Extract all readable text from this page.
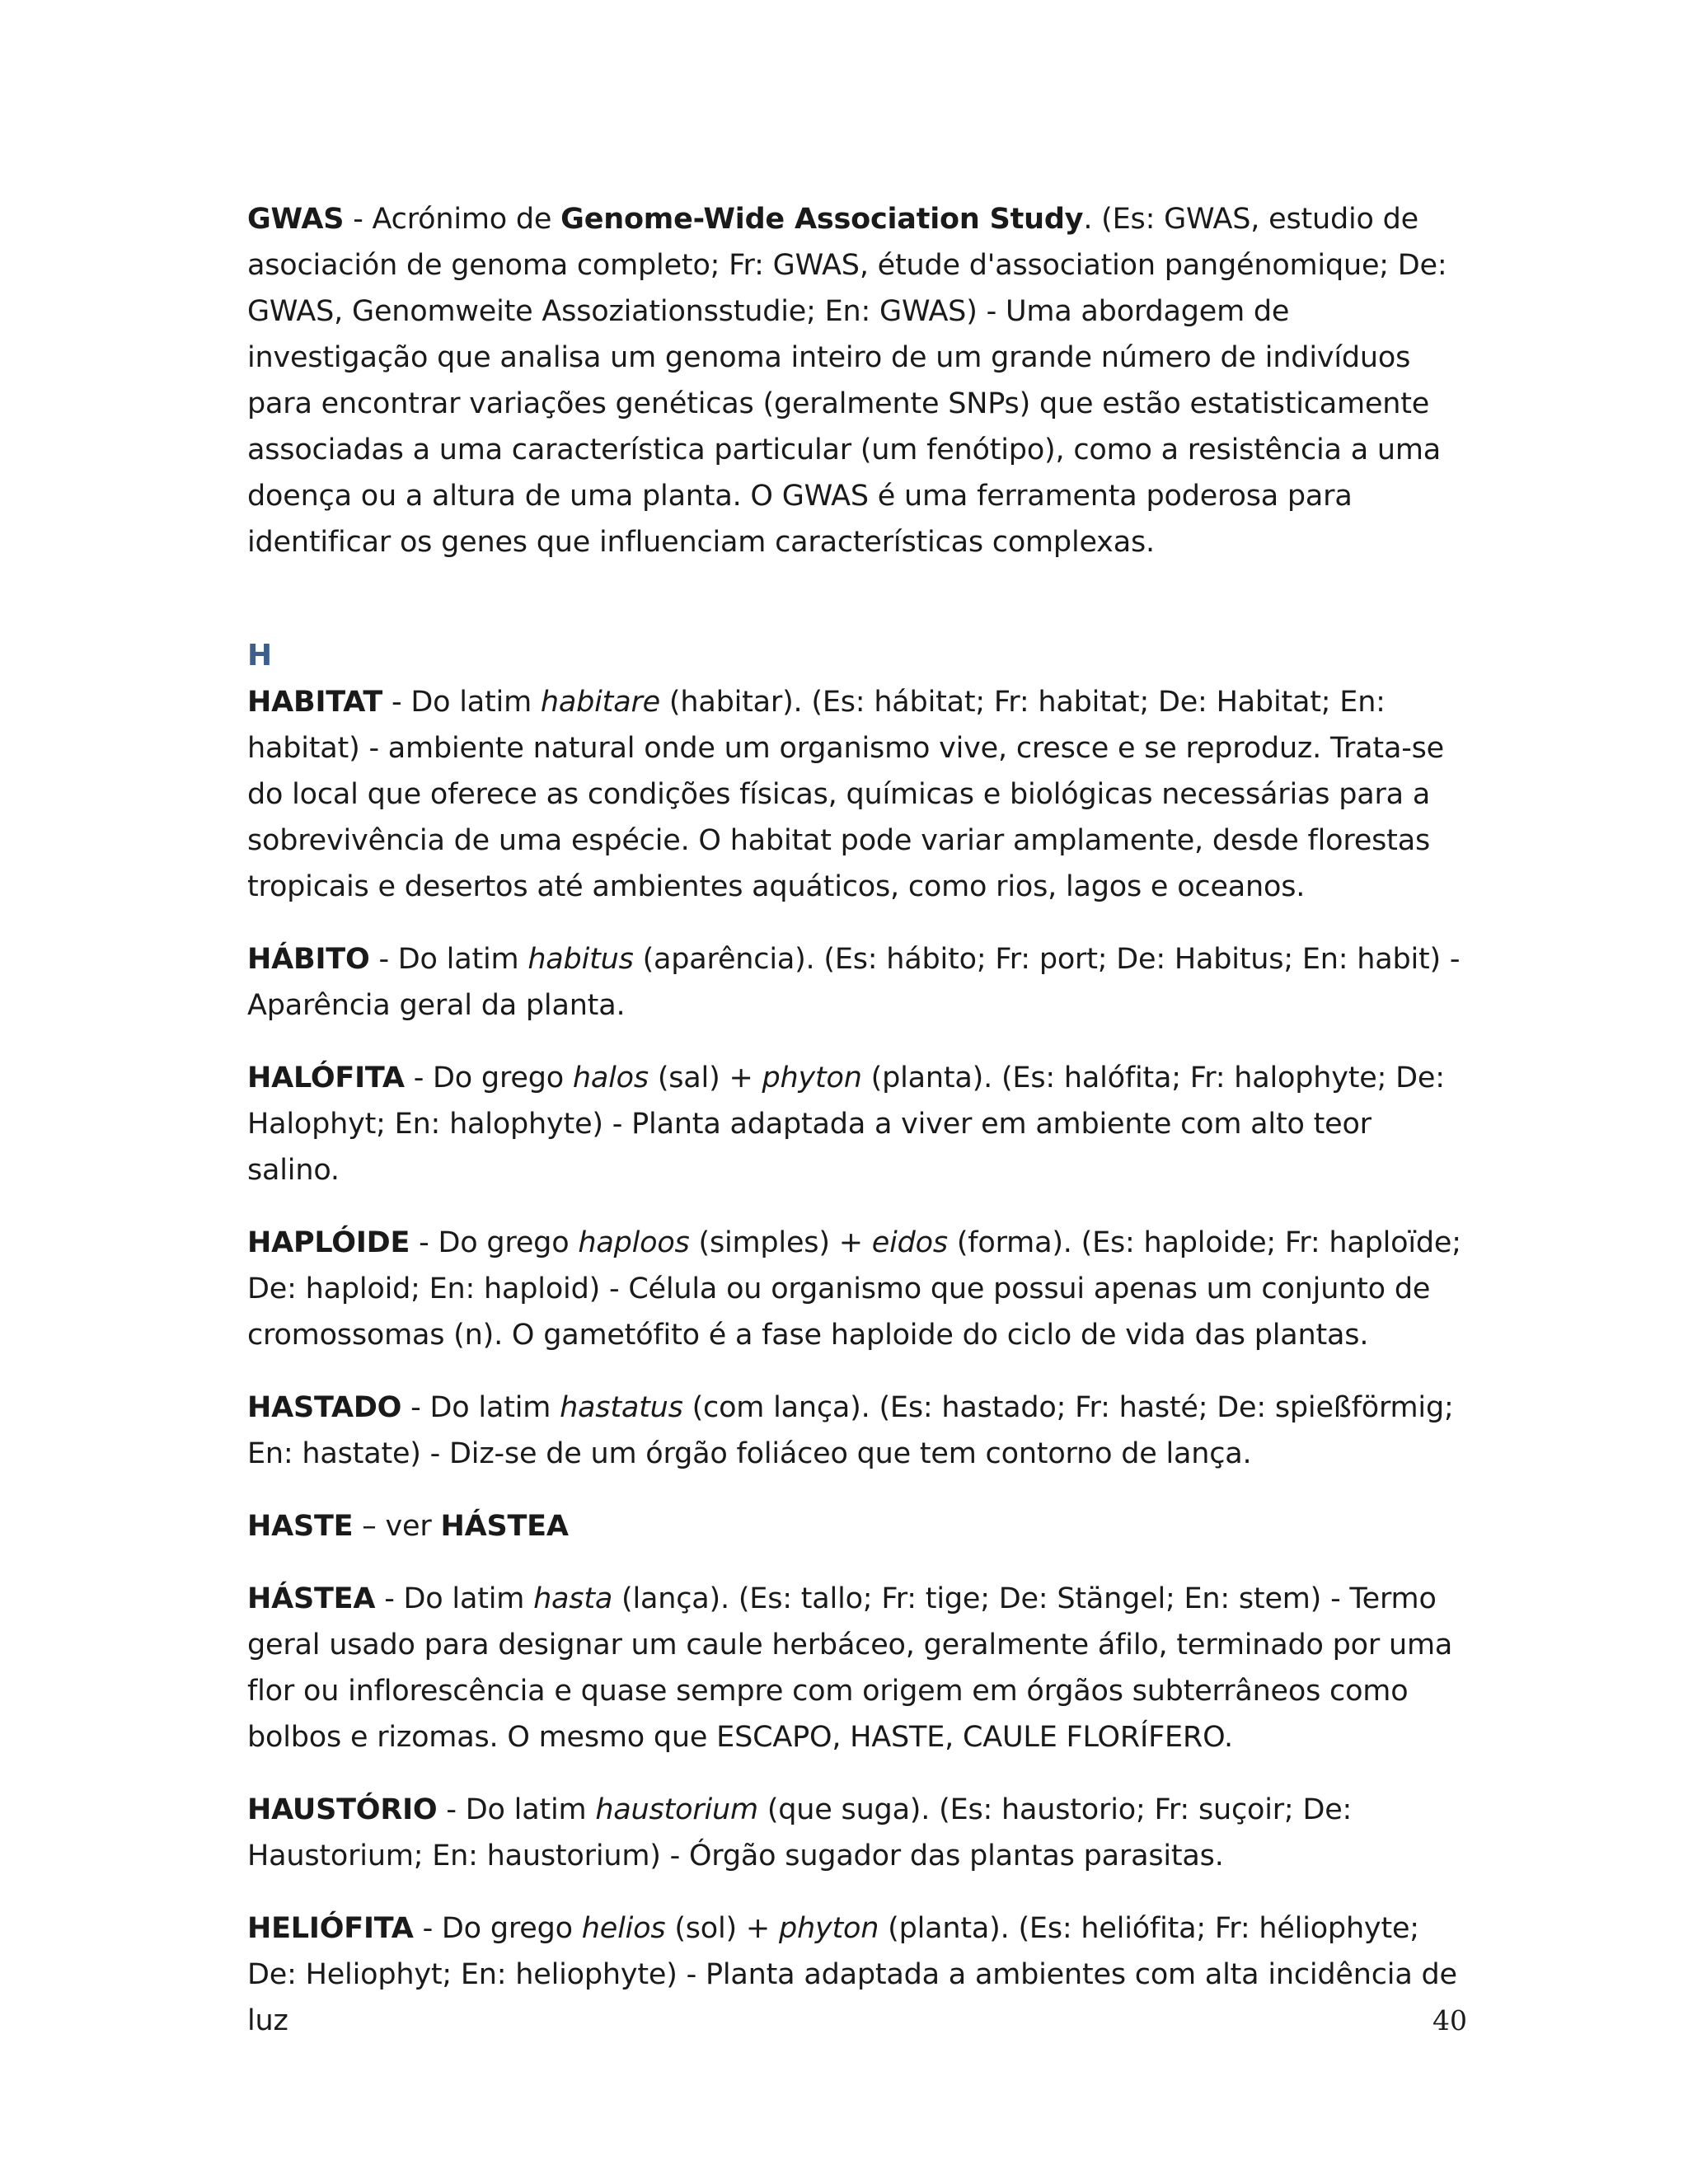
GWAS - Acrónimo de Genome-Wide Association Study. (Es: GWAS, estudio de asociación de genoma completo; Fr: GWAS, étude d'association pangénomique; De: GWAS, Genomweite Assoziationsstudie; En: GWAS) - Uma abordagem de investigação que analisa um genoma inteiro de um grande número de indivíduos para encontrar variações genéticas (geralmente SNPs) que estão estatisticamente associadas a uma característica particular (um fenótipo), como a resistência a uma doença ou a altura de uma planta. O GWAS é uma ferramenta poderosa para identificar os genes que influenciam características complexas.

H

HABITAT - Do latim habitare (habitar). (Es: hábitat; Fr: habitat; De: Habitat; En: habitat) - ambiente natural onde um organismo vive, cresce e se reproduz. Trata-se do local que oferece as condições físicas, químicas e biológicas necessárias para a sobrevivência de uma espécie. O habitat pode variar amplamente, desde florestas tropicais e desertos até ambientes aquáticos, como rios, lagos e oceanos.

HÁBITO - Do latim habitus (aparência). (Es: hábito; Fr: port; De: Habitus; En: habit) - Aparência geral da planta.

HALÓFITA - Do grego halos (sal) + phyton (planta). (Es: halófita; Fr: halophyte; De: Halophyt; En: halophyte) - Planta adaptada a viver em ambiente com alto teor salino.

HAPLÓIDE - Do grego haploos (simples) + eidos (forma). (Es: haploide; Fr: haploïde; De: haploid; En: haploid) - Célula ou organismo que possui apenas um conjunto de cromossomas (n). O gametófito é a fase haploide do ciclo de vida das plantas.

HASTADO - Do latim hastatus (com lança). (Es: hastado; Fr: hasté; De: spießförmig; En: hastate) - Diz-se de um órgão foliáceo que tem contorno de lança.

HASTE – ver HÁSTEA

HÁSTEA - Do latim hasta (lança). (Es: tallo; Fr: tige; De: Stängel; En: stem) - Termo geral usado para designar um caule herbáceo, geralmente áfilo, terminado por uma flor ou inflorescência e quase sempre com origem em órgãos subterrâneos como bolbos e rizomas. O mesmo que ESCAPO, HASTE, CAULE FLORÍFERO.

HAUSTÓRIO - Do latim haustorium (que suga). (Es: haustorio; Fr: suçoir; De: Haustorium; En: haustorium) - Órgão sugador das plantas parasitas.

HELIÓFITA - Do grego helios (sol) + phyton (planta). (Es: heliófita; Fr: héliophyte; De: Heliophyt; En: heliophyte) - Planta adaptada a ambientes com alta incidência de luz	40
